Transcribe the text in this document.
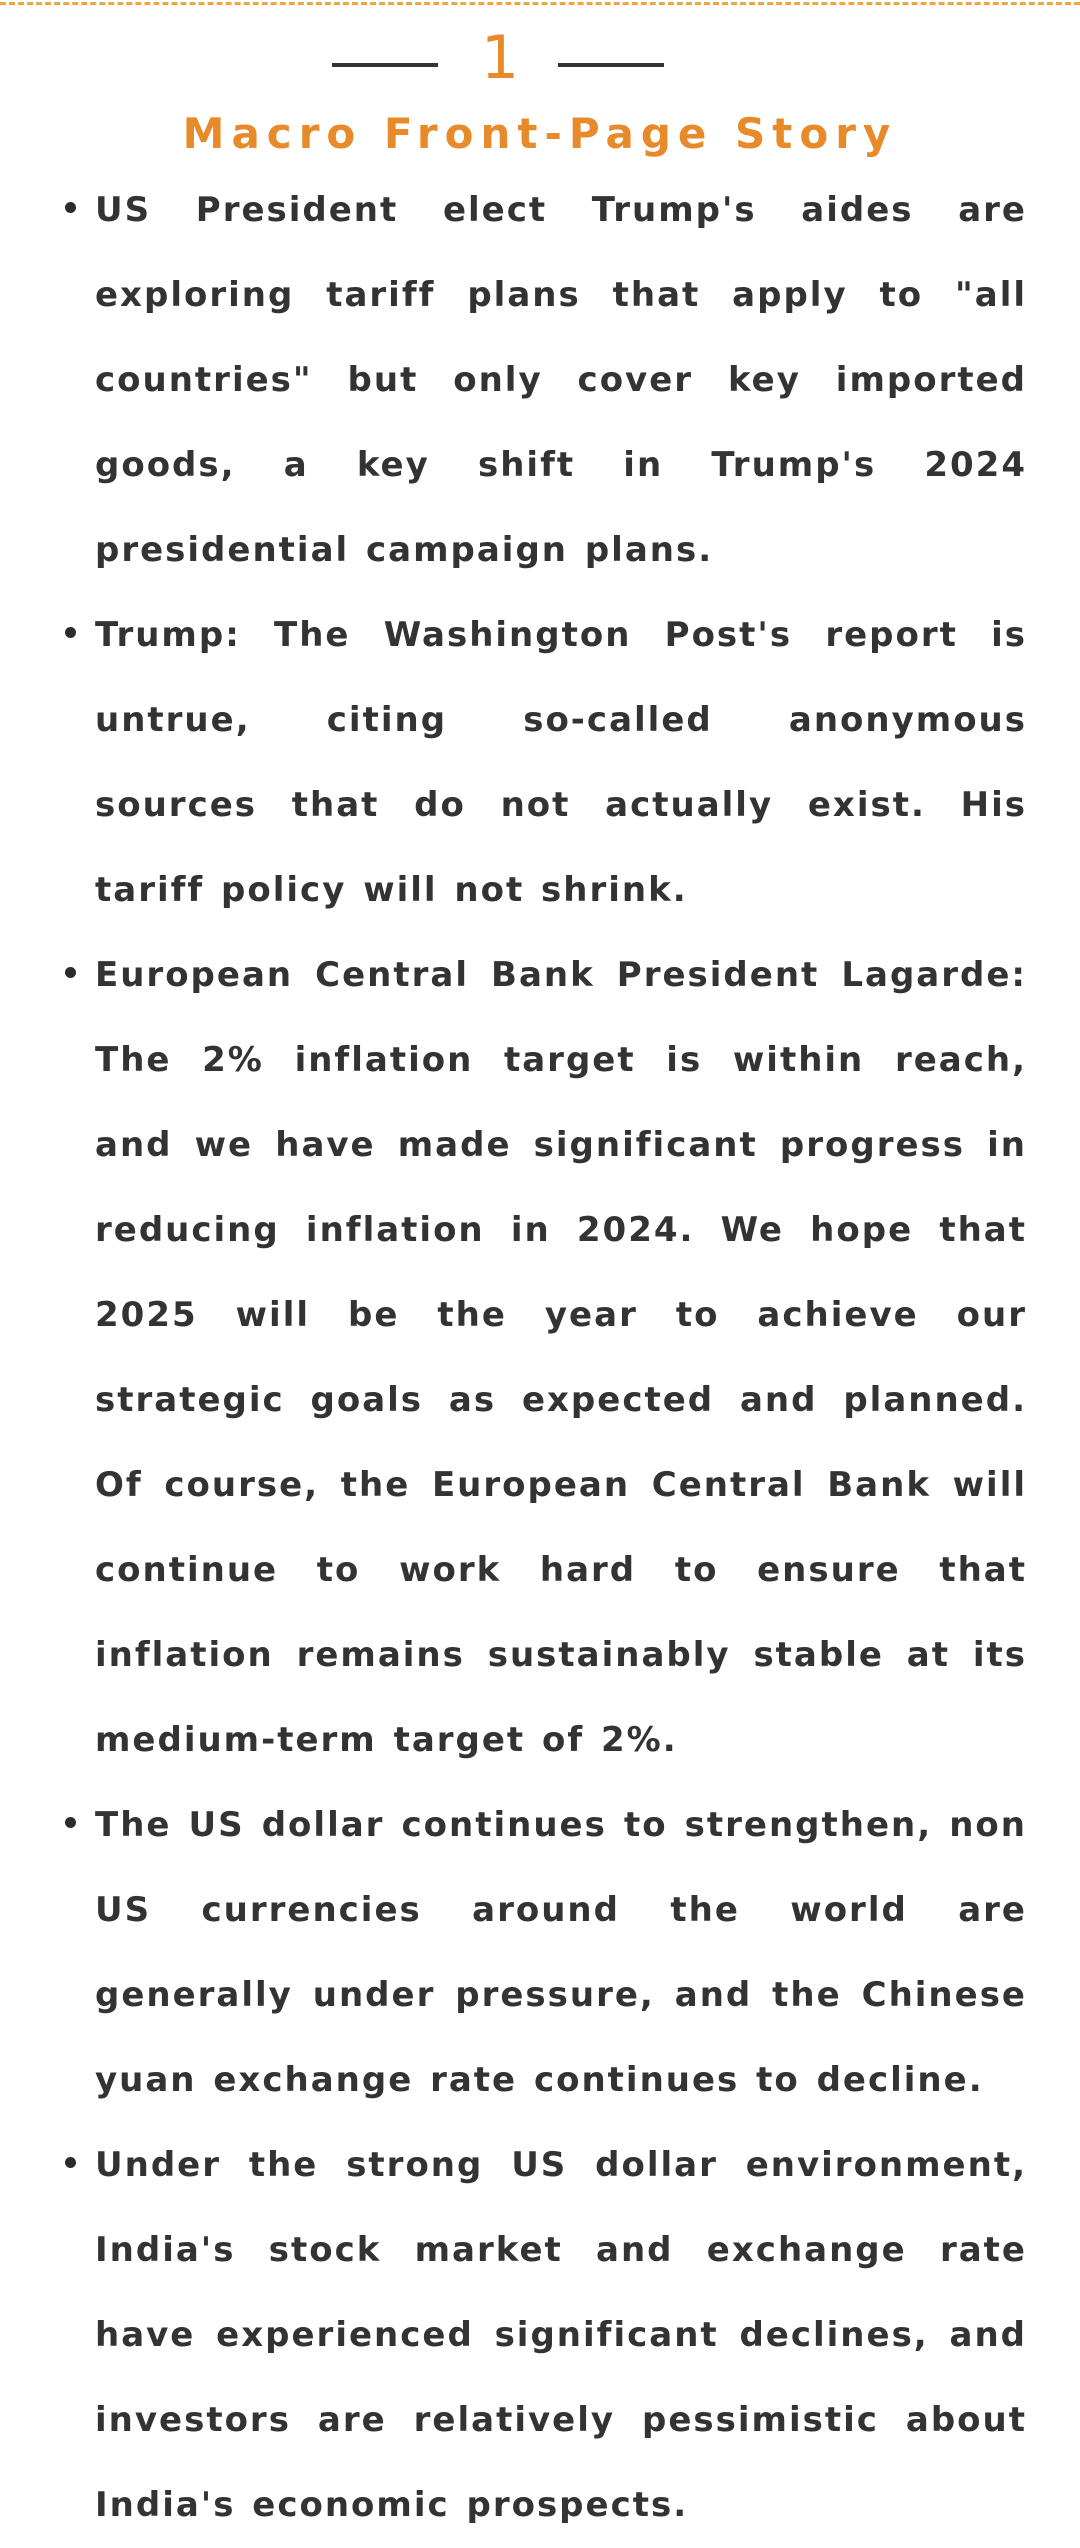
1
Macro Front-Page Story
US President elect Trump's aides are exploring tariff plans that apply to "all countries" but only cover key imported goods, a key shift in Trump's 2024 presidential campaign plans.
Trump: The Washington Post's report is untrue, citing so-called anonymous sources that do not actually exist. His tariff policy will not shrink.
European Central Bank President Lagarde: The 2% inflation target is within reach, and we have made significant progress in reducing inflation in 2024. We hope that 2025 will be the year to achieve our strategic goals as expected and planned. Of course, the European Central Bank will continue to work hard to ensure that inflation remains sustainably stable at its medium-term target of 2%.
The US dollar continues to strengthen, non US currencies around the world are generally under pressure, and the Chinese yuan exchange rate continues to decline.
Under the strong US dollar environment, India's stock market and exchange rate have experienced significant declines, and investors are relatively pessimistic about India's economic prospects.
